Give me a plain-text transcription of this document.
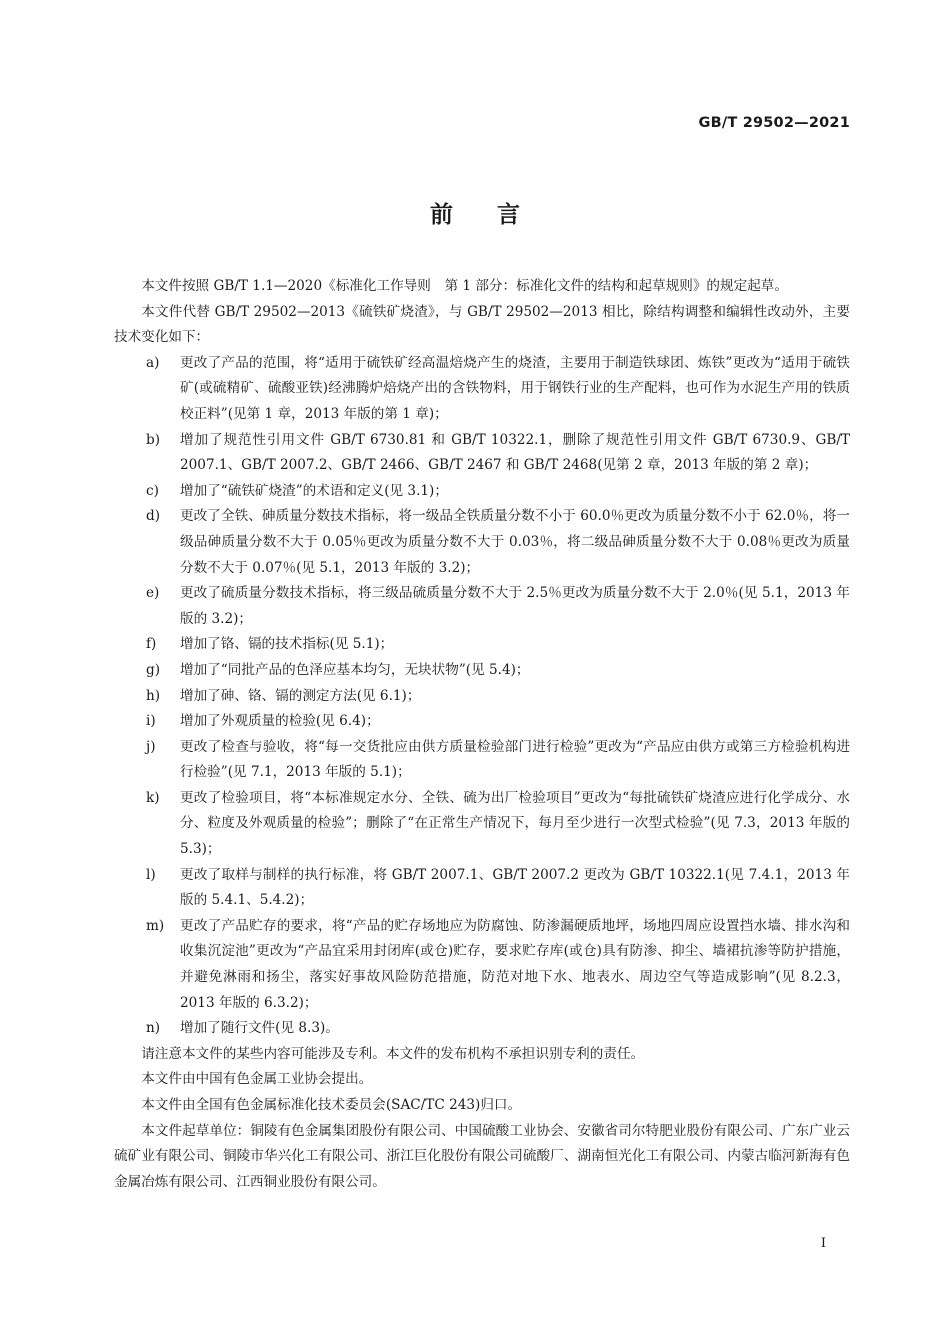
GB/T 29502—2021
前言

本文件按照 GB/T 1.1—2020《标准化工作导则　第 1 部分：标准化文件的结构和起草规则》的规定起草。

本文件代替 GB/T 29502—2013《硫铁矿烧渣》，与 GB/T 29502—2013 相比，除结构调整和编辑性改动外，主要技术变化如下：

a)	更改了产品的范围，将“适用于硫铁矿经高温焙烧产生的烧渣，主要用于制造铁球团、炼铁”更改为“适用于硫铁矿(或硫精矿、硫酸亚铁)经沸腾炉焙烧产出的含铁物料，用于钢铁行业的生产配料，也可作为水泥生产用的铁质校正料”(见第 1 章，2013 年版的第 1 章)；
b)	增加了规范性引用文件 GB/T 6730.81 和 GB/T 10322.1，删除了规范性引用文件 GB/T 6730.9、GB/T 2007.1、GB/T 2007.2、GB/T 2466、GB/T 2467 和 GB/T 2468(见第 2 章，2013 年版的第 2 章)；
c)	增加了“硫铁矿烧渣”的术语和定义(见 3.1)；
d)	更改了全铁、砷质量分数技术指标，将一级品全铁质量分数不小于 60.0％更改为质量分数不小于 62.0％，将一级品砷质量分数不大于 0.05％更改为质量分数不大于 0.03％，将二级品砷质量分数不大于 0.08％更改为质量分数不大于 0.07％(见 5.1，2013 年版的 3.2)；
e)	更改了硫质量分数技术指标，将三级品硫质量分数不大于 2.5％更改为质量分数不大于 2.0％(见 5.1，2013 年版的 3.2)；
f)	增加了铬、镉的技术指标(见 5.1)；
g)	增加了“同批产品的色泽应基本均匀，无块状物”(见 5.4)；
h)	增加了砷、铬、镉的测定方法(见 6.1)；
i)	增加了外观质量的检验(见 6.4)；
j)	更改了检查与验收，将“每一交货批应由供方质量检验部门进行检验”更改为“产品应由供方或第三方检验机构进行检验”(见 7.1，2013 年版的 5.1)；
k)	更改了检验项目，将“本标准规定水分、全铁、硫为出厂检验项目”更改为“每批硫铁矿烧渣应进行化学成分、水分、粒度及外观质量的检验”；删除了“在正常生产情况下，每月至少进行一次型式检验”(见 7.3，2013 年版的 5.3)；
l)	更改了取样与制样的执行标准，将 GB/T 2007.1、GB/T 2007.2 更改为 GB/T 10322.1(见 7.4.1，2013 年版的 5.4.1、5.4.2)；
m)	更改了产品贮存的要求，将“产品的贮存场地应为防腐蚀、防渗漏硬质地坪，场地四周应设置挡水墙、排水沟和收集沉淀池”更改为“产品宜采用封闭库(或仓)贮存，要求贮存库(或仓)具有防渗、抑尘、墙裙抗渗等防护措施，并避免淋雨和扬尘，落实好事故风险防范措施，防范对地下水、地表水、周边空气等造成影响”(见 8.2.3，2013 年版的 6.3.2)；
n)	增加了随行文件(见 8.3)。

请注意本文件的某些内容可能涉及专利。本文件的发布机构不承担识别专利的责任。

本文件由中国有色金属工业协会提出。

本文件由全国有色金属标准化技术委员会(SAC/TC 243)归口。

本文件起草单位：铜陵有色金属集团股份有限公司、中国硫酸工业协会、安徽省司尔特肥业股份有限公司、广东广业云硫矿业有限公司、铜陵市华兴化工有限公司、浙江巨化股份有限公司硫酸厂、湖南恒光化工有限公司、内蒙古临河新海有色金属冶炼有限公司、江西铜业股份有限公司。

I
